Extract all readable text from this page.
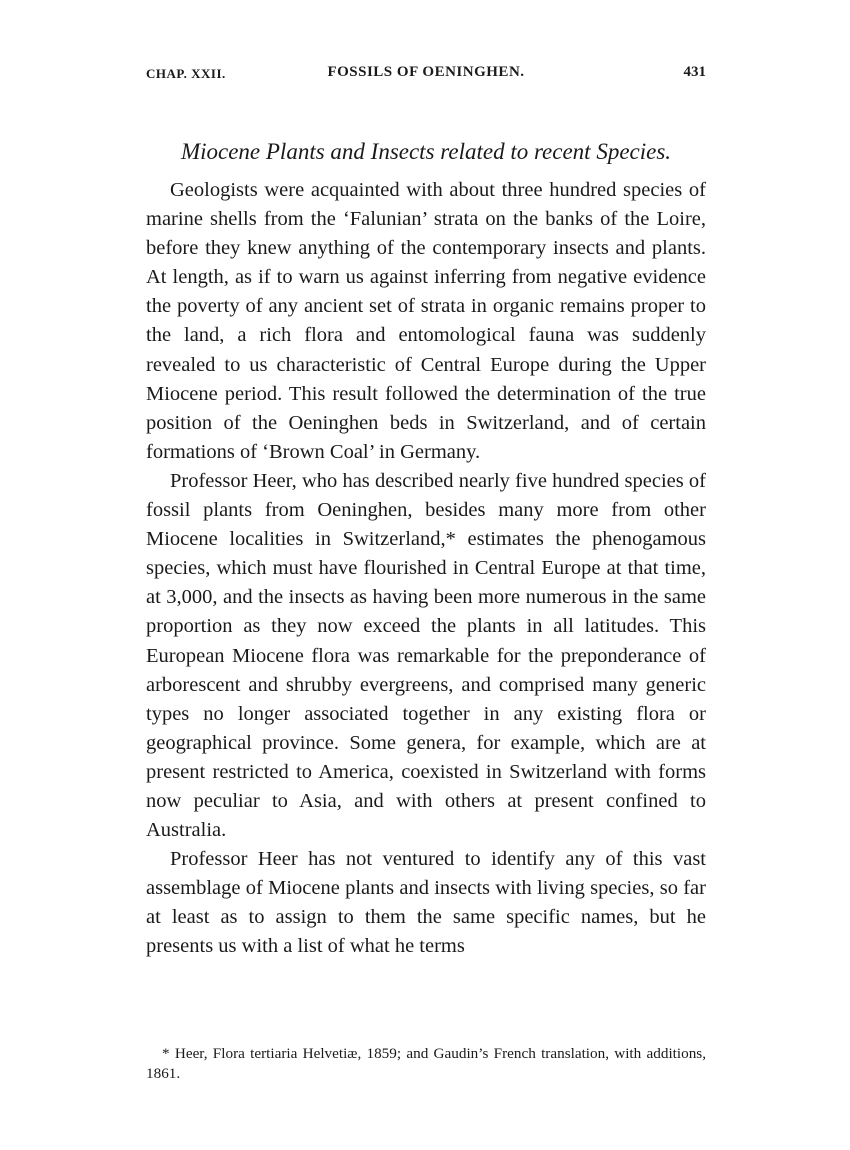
CHAP. XXII.	FOSSILS OF OENINGHEN.	431
Miocene Plants and Insects related to recent Species.

Geologists were acquainted with about three hundred species of marine shells from the ‘Falunian’ strata on the banks of the Loire, before they knew anything of the contemporary insects and plants. At length, as if to warn us against inferring from negative evidence the poverty of any ancient set of strata in organic remains proper to the land, a rich flora and entomological fauna was suddenly revealed to us characteristic of Central Europe during the Upper Miocene period. This result followed the determination of the true position of the Oeninghen beds in Switzerland, and of certain formations of ‘Brown Coal’ in Germany.

Professor Heer, who has described nearly five hundred species of fossil plants from Oeninghen, besides many more from other Miocene localities in Switzerland,* estimates the phenogamous species, which must have flourished in Central Europe at that time, at 3,000, and the insects as having been more numerous in the same proportion as they now exceed the plants in all latitudes. This European Miocene flora was remarkable for the preponderance of arborescent and shrubby evergreens, and comprised many generic types no longer associated together in any existing flora or geographical province. Some genera, for example, which are at present restricted to America, coexisted in Switzerland with forms now peculiar to Asia, and with others at present confined to Australia.

Professor Heer has not ventured to identify any of this vast assemblage of Miocene plants and insects with living species, so far at least as to assign to them the same specific names, but he presents us with a list of what he terms

* Heer, Flora tertiaria Helvetiæ, 1859; and Gaudin’s French translation, with additions, 1861.
